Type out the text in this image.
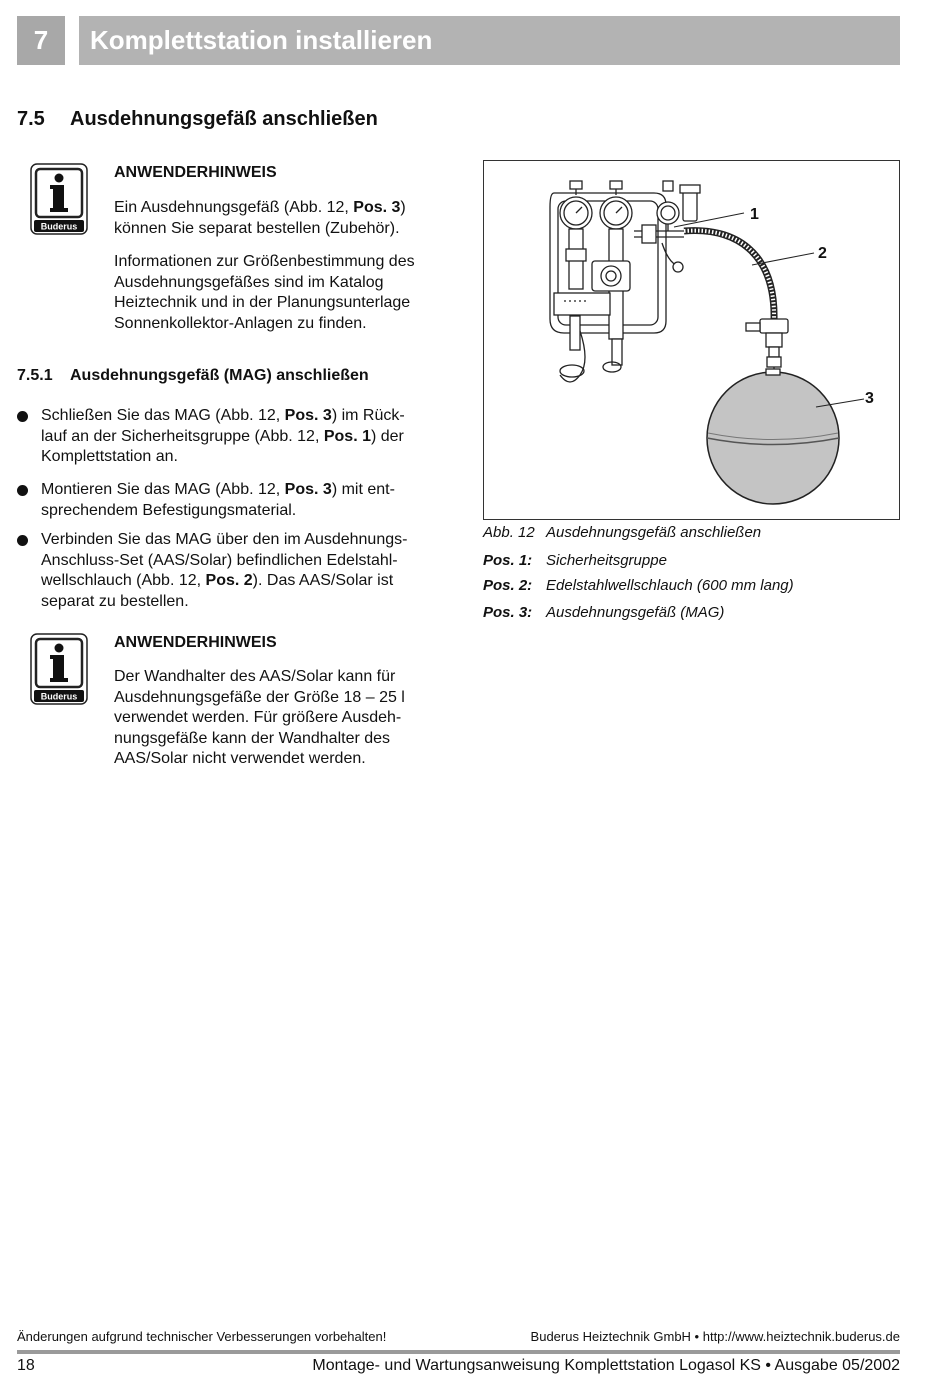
7	Komplettstation installieren
7.5 Ausdehnungsgefäß anschließen
Buderus
ANWENDERHINWEIS
Ein Ausdehnungsgefäß (Abb. 12, Pos. 3)
können Sie separat bestellen (Zubehör).
Informationen zur Größenbestimmung des
Ausdehnungsgefäßes sind im Katalog
Heiztechnik und in der Planungsunterlage
Sonnenkollektor-Anlagen zu finden.
7.5.1 Ausdehnungsgefäß (MAG) anschließen
Schließen Sie das MAG (Abb. 12, Pos. 3) im Rück-
lauf an der Sicherheitsgruppe (Abb. 12, Pos. 1) der
Komplettstation an.
Montieren Sie das MAG (Abb. 12, Pos. 3) mit ent-
sprechendem Befestigungsmaterial.
Verbinden Sie das MAG über den im Ausdehnungs-
Anschluss-Set (AAS/Solar) befindlichen Edelstahl-
wellschlauch (Abb. 12, Pos. 2). Das AAS/Solar ist
separat zu bestellen.
Buderus
ANWENDERHINWEIS
Der Wandhalter des AAS/Solar kann für
Ausdehnungsgefäße der Größe 18 – 25 l
verwendet werden. Für größere Ausdeh-
nungsgefäße kann der Wandhalter des
AAS/Solar nicht verwendet werden.
1
2
3
Abb. 12 Ausdehnungsgefäß anschließen
Pos. 1: Sicherheitsgruppe
Pos. 2: Edelstahlwellschlauch (600 mm lang)
Pos. 3: Ausdehnungsgefäß (MAG)
Änderungen aufgrund technischer Verbesserungen vorbehalten!	Buderus Heiztechnik GmbH • http://www.heiztechnik.buderus.de
18	Montage- und Wartungsanweisung Komplettstation Logasol KS • Ausgabe 05/2002
